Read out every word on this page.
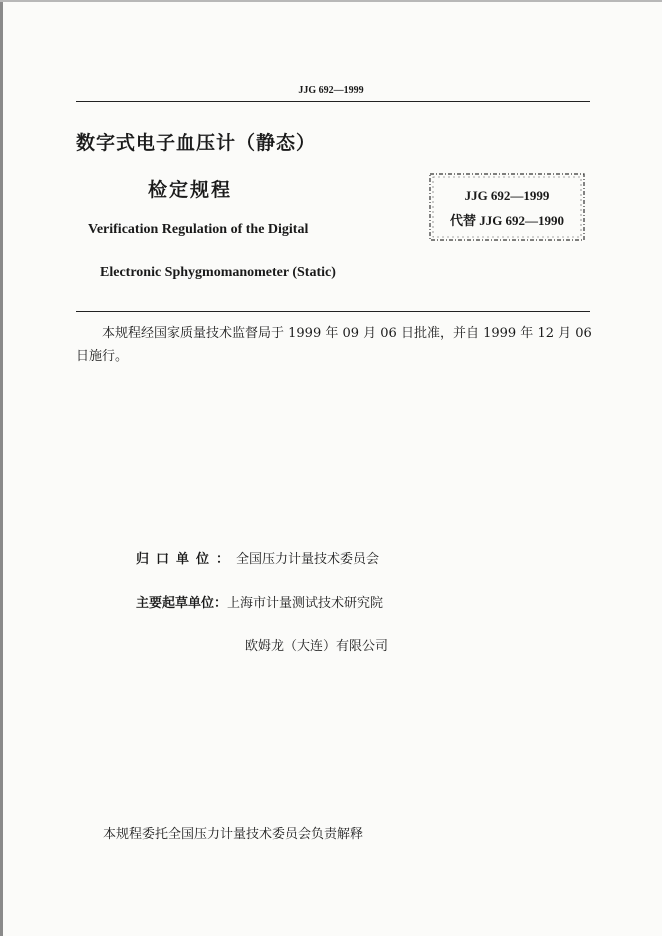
JJG 692—1999
数字式电子血压计（静态）
检定规程
Verification Regulation of the Digital
Electronic Sphygmomanometer (Static)
JJG 692—1999
代替 JJG 692—1990

本规程经国家质量技术监督局于 1999 年 09 月 06 日批准，并自 1999 年 12 月 06 日施行。

归口单位：全国压力计量技术委员会
主要起草单位：上海市计量测试技术研究院
欧姆龙（大连）有限公司
本规程委托全国压力计量技术委员会负责解释
